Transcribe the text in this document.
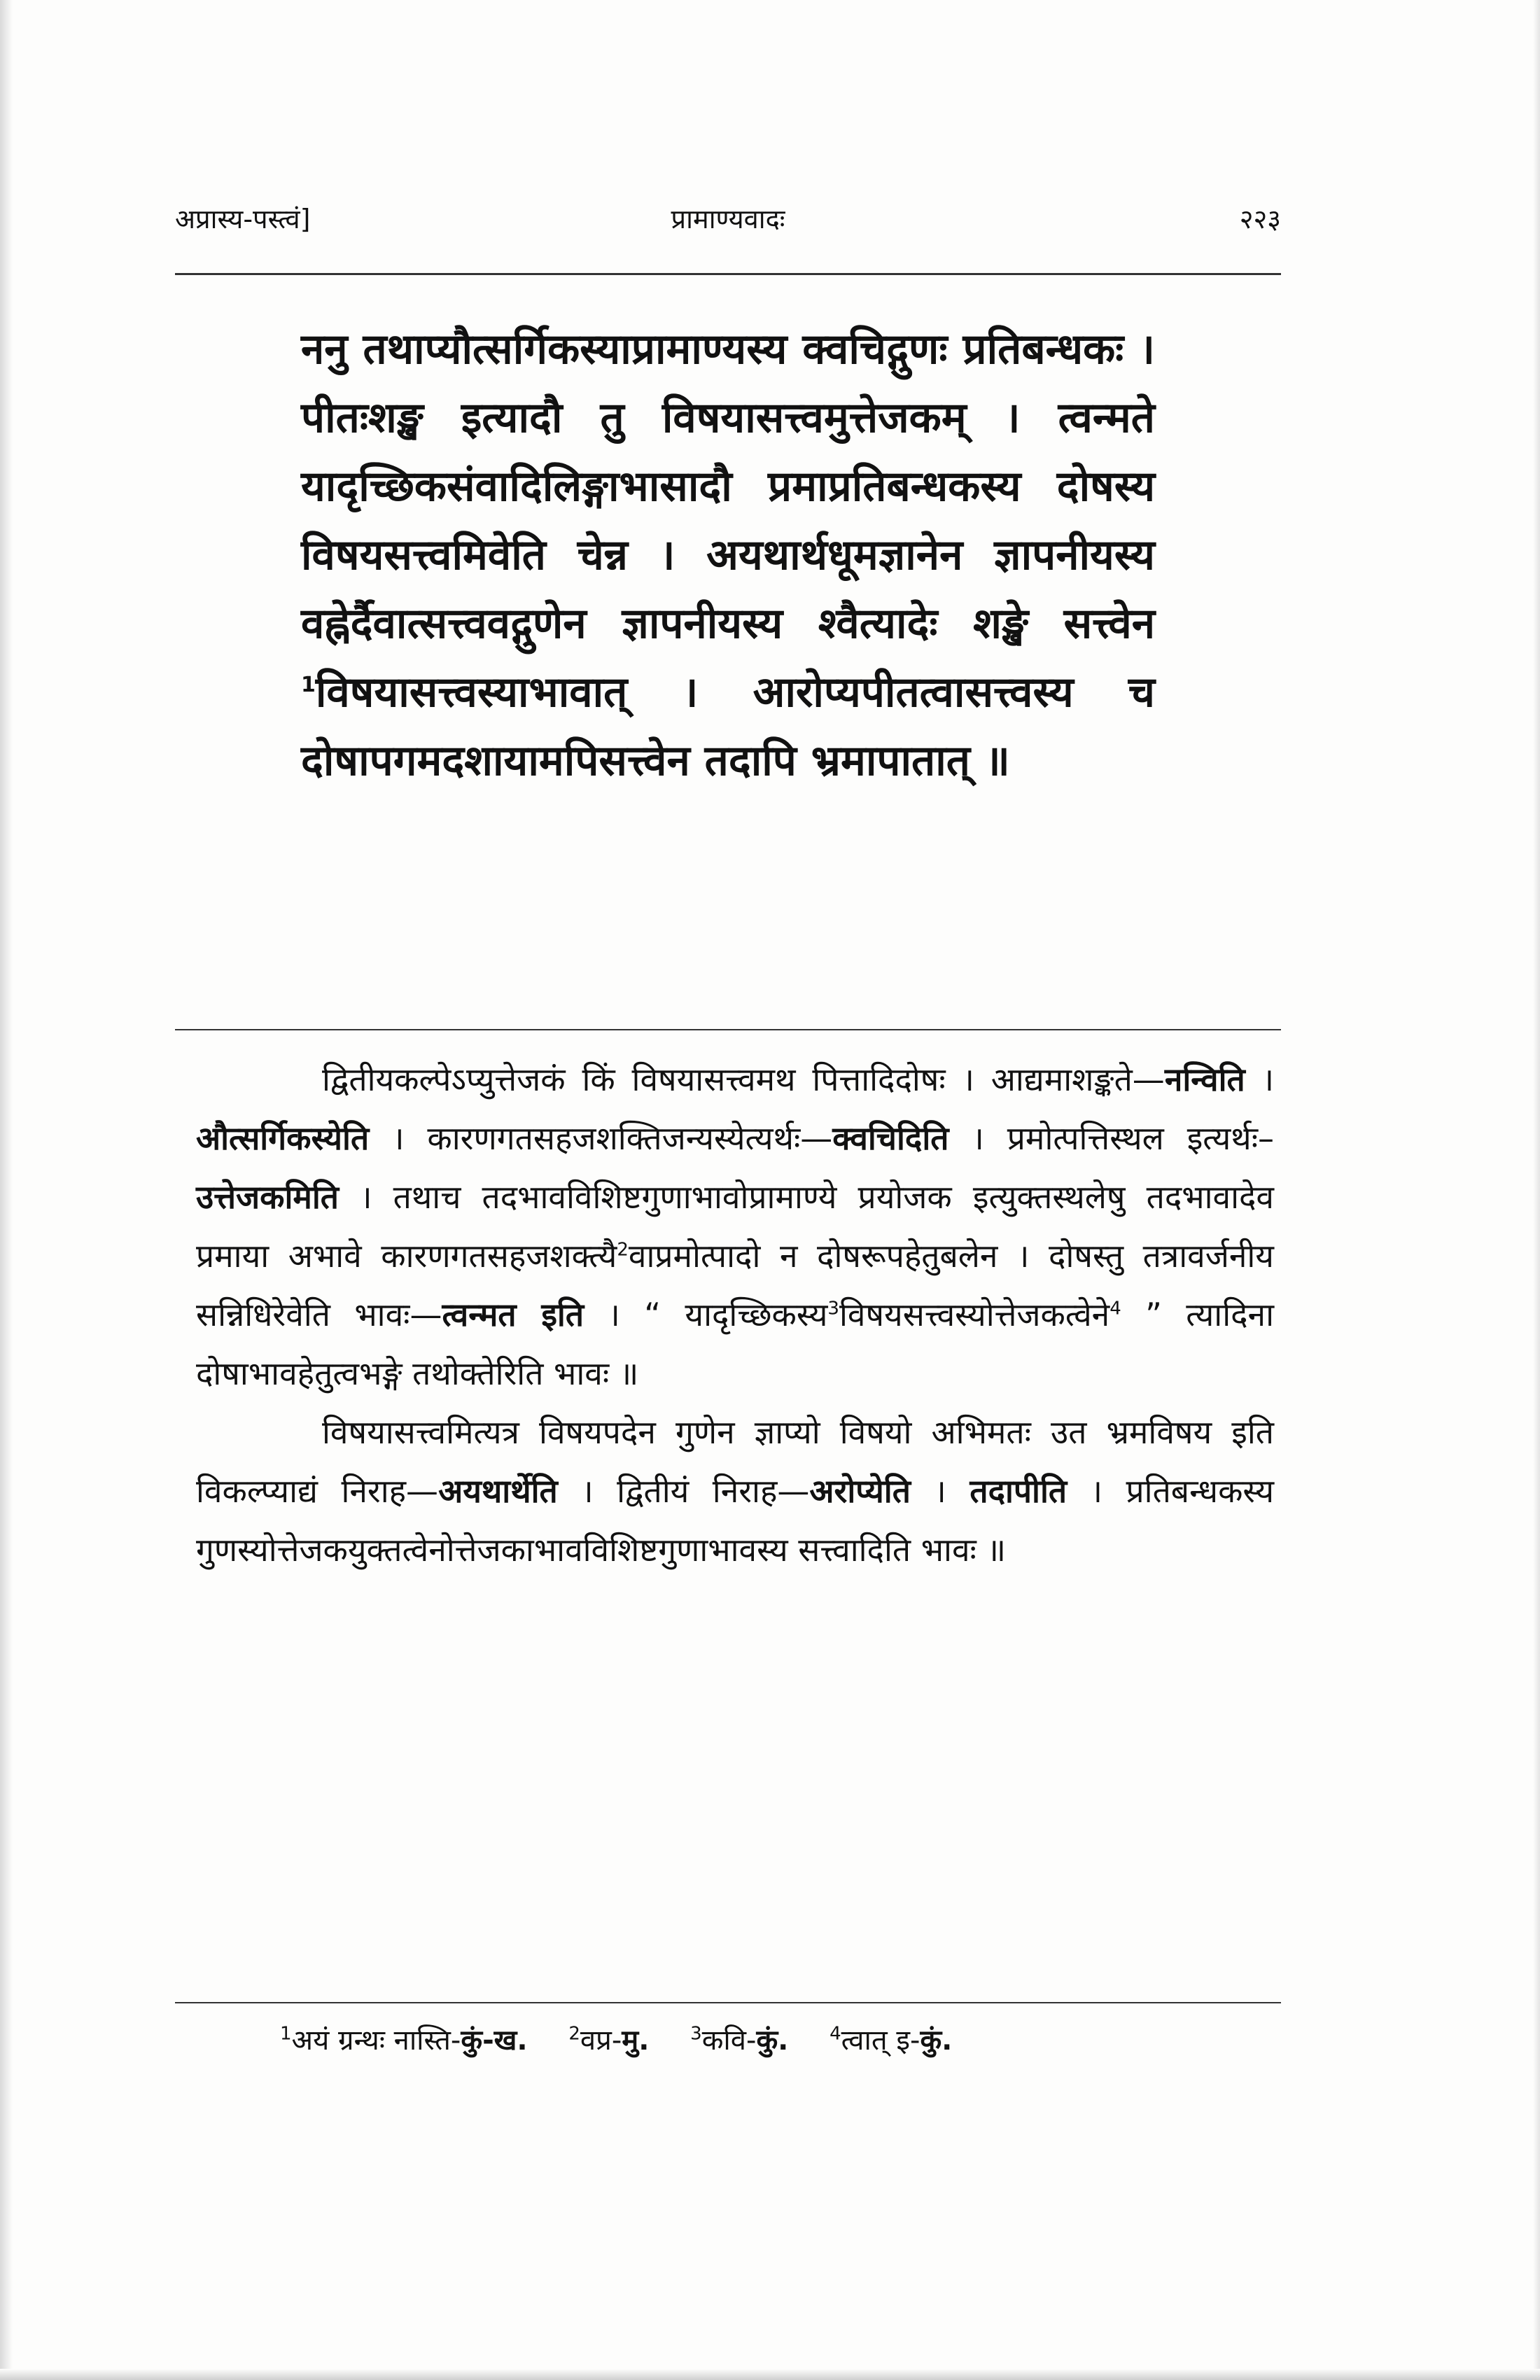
अप्रास्य-पस्त्वं]	प्रामाण्यवादः	२२३

ननु तथाप्यौत्सर्गिकस्याप्रामाण्यस्य क्वचिद्गुणः प्रतिबन्धकः । पीतःशङ्ख इत्यादौ तु विषयासत्त्वमुत्तेजकम् । त्वन्मते यादृच्छिकसंवादिलिङ्गाभासादौ प्रमाप्रतिबन्धकस्य दोषस्य विषयसत्त्वमिवेति चेन्न । अयथार्थधूमज्ञानेन ज्ञापनीयस्य वह्नेर्दैवात्सत्त्ववद्गुणेन ज्ञापनीयस्य श्वैत्यादेः शङ्खे सत्त्वेन $^1$विषयासत्त्वस्याभावात् । आरोप्यपीतत्वासत्त्वस्य च दोषापगमदशायामपिसत्त्वेन तदापि भ्रमापातात् ॥

द्वितीयकल्पेऽप्युत्तेजकं किं विषयासत्त्वमथ पित्तादिदोषः । आद्यमाशङ्कते—नन्विति । औत्सर्गिकस्येति । कारणगतसहजशक्तिजन्यस्येत्यर्थः—क्वचिदिति । प्रमोत्पत्तिस्थल इत्यर्थः–उत्तेजकमिति । तथाच तदभावविशिष्टगुणाभावोप्रामाण्ये प्रयोजक इत्युक्तस्थलेषु तदभावादेव प्रमाया अभावे कारणगतसहजशक्त्यै$^2$वाप्रमोत्पादो न दोषरूपहेतुबलेन । दोषस्तु तत्रावर्जनीय सन्निधिरेवेति भावः—त्वन्मत इति । “ यादृच्छिकस्य$^3$विषयसत्त्वस्योत्तेजकत्वेने$^4$ ” त्यादिना दोषाभावहेतुत्वभङ्गे तथोक्तेरिति भावः ॥

विषयासत्त्वमित्यत्र विषयपदेन गुणेन ज्ञाप्यो विषयो अभिमतः उत भ्रमविषय इति विकल्प्याद्यं निराह—अयथार्थेति । द्वितीयं निराह—अरोप्येति । तदापीति । प्रतिबन्धकस्य गुणस्योत्तेजकयुक्तत्वेनोत्तेजकाभावविशिष्टगुणाभावस्य सत्त्वादिति भावः ॥

$^1$अयं ग्रन्थः नास्ति-कुं-ख. $^2$वप्र-मु. $^3$कवि-कुं. $^4$त्वात् इ-कुं.
